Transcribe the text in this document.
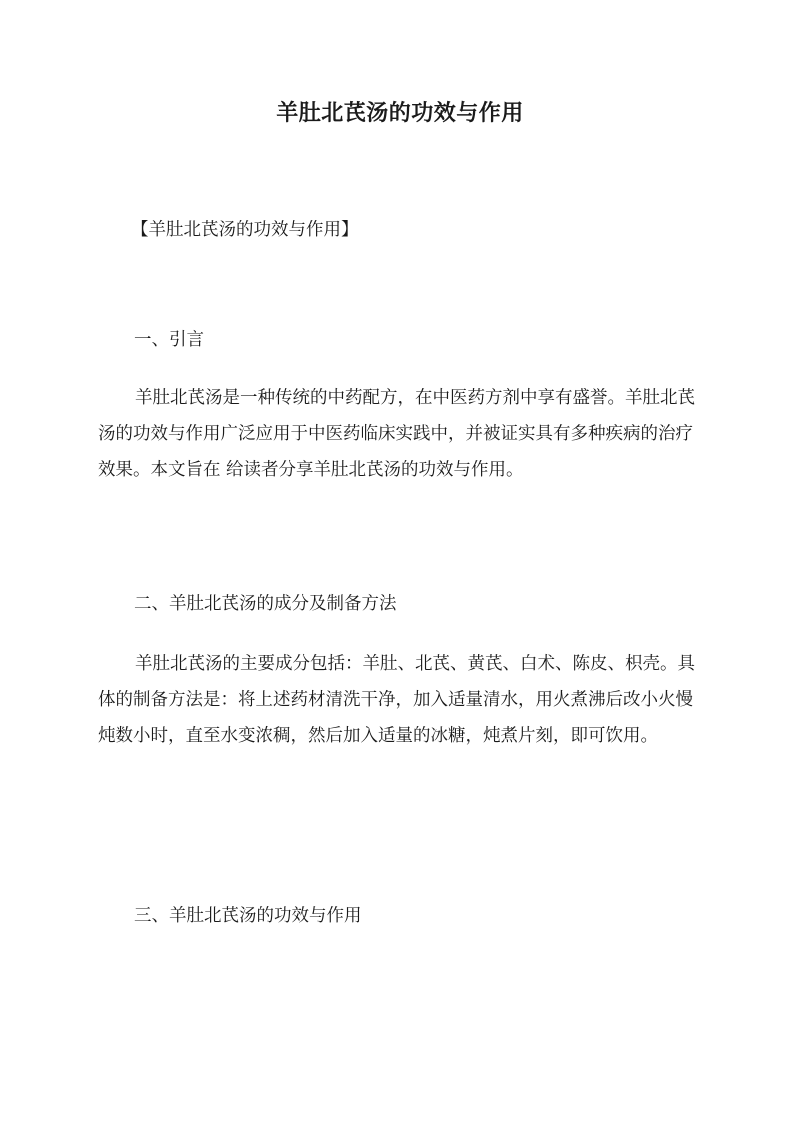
羊肚北芪汤的功效与作用

【羊肚北芪汤的功效与作用】

一、引言

羊肚北芪汤是一种传统的中药配方，在中医药方剂中享有盛誉。羊肚北芪汤的功效与作用广泛应用于中医药临床实践中，并被证实具有多种疾病的治疗效果。本文旨在 给读者分享羊肚北芪汤的功效与作用。

二、羊肚北芪汤的成分及制备方法

羊肚北芪汤的主要成分包括：羊肚、北芪、黄芪、白术、陈皮、枳壳。具体的制备方法是：将上述药材清洗干净，加入适量清水，用火煮沸后改小火慢炖数小时，直至水变浓稠，然后加入适量的冰糖，炖煮片刻，即可饮用。

三、羊肚北芪汤的功效与作用
